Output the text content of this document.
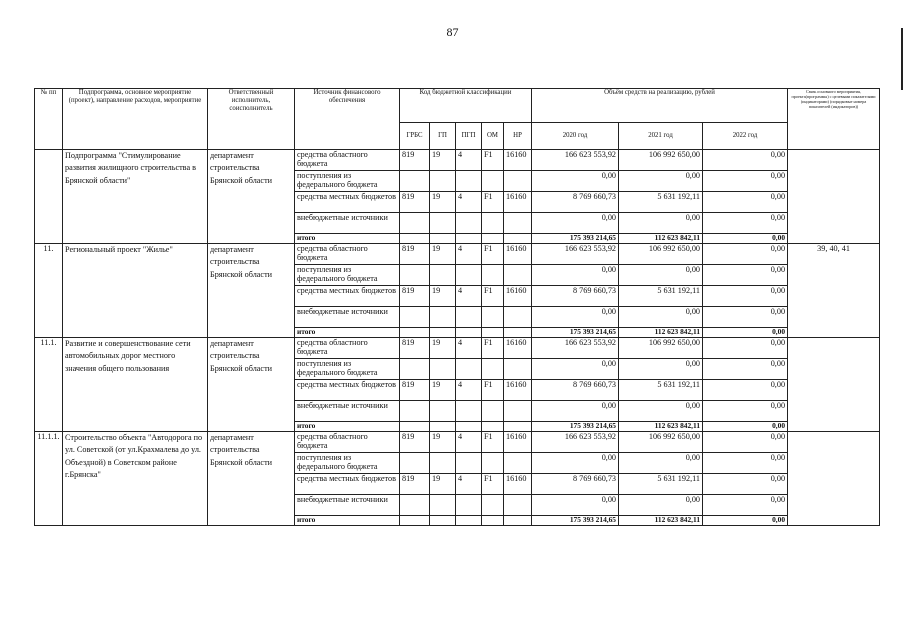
87
№ пп	Подпрограмма, основное мероприятие (проект), направление расходов, мероприятие	Ответственный исполнитель, соисполнитель	Источник финансового обеспечения	Код бюджетной классификации					Объём средств на реализацию, рублей			Связь основного мероприятия, проекта(программы) с целевыми показателями (индикаторами) (порядковые номера показателей (индикаторов))
				ГРБС	ГП	ПГП	ОМ	НР	2020 год	2021 год	2022 год	
	Подпрограмма "Стимулирование развития жилищного строительства в Брянской области"	департамент строительства Брянской области	средства областного бюджета	819	19	4	F1	16160	166 623 553,92	106 992 650,00	0,00	
			поступления из федерального бюджета						0,00	0,00	0,00	
			средства местных бюджетов	819	19	4	F1	16160	8 769 660,73	5 631 192,11	0,00	
			внебюджетные источники						0,00	0,00	0,00	
			итого						175 393 214,65	112 623 842,11	0,00	
11.	Региональный проект "Жилье"	департамент строительства Брянской области	средства областного бюджета	819	19	4	F1	16160	166 623 553,92	106 992 650,00	0,00	39, 40, 41
			поступления из федерального бюджета						0,00	0,00	0,00	
			средства местных бюджетов	819	19	4	F1	16160	8 769 660,73	5 631 192,11	0,00	
			внебюджетные источники						0,00	0,00	0,00	
			итого						175 393 214,65	112 623 842,11	0,00	
11.1.	Развитие и совершенствование сети автомобильных дорог местного значения общего пользования	департамент строительства Брянской области	средства областного бюджета	819	19	4	F1	16160	166 623 553,92	106 992 650,00	0,00	
			поступления из федерального бюджета						0,00	0,00	0,00	
			средства местных бюджетов	819	19	4	F1	16160	8 769 660,73	5 631 192,11	0,00	
			внебюджетные источники						0,00	0,00	0,00	
			итого						175 393 214,65	112 623 842,11	0,00	
11.1.1.	Строительство объекта "Автодорога по ул. Советской (от ул.Крахмалева до ул. Объездной) в Советском районе г.Брянска"	департамент строительства Брянской области	средства областного бюджета	819	19	4	F1	16160	166 623 553,92	106 992 650,00	0,00	
			поступления из федерального бюджета						0,00	0,00	0,00	
			средства местных бюджетов	819	19	4	F1	16160	8 769 660,73	5 631 192,11	0,00	
			внебюджетные источники						0,00	0,00	0,00	
			итого						175 393 214,65	112 623 842,11	0,00	
